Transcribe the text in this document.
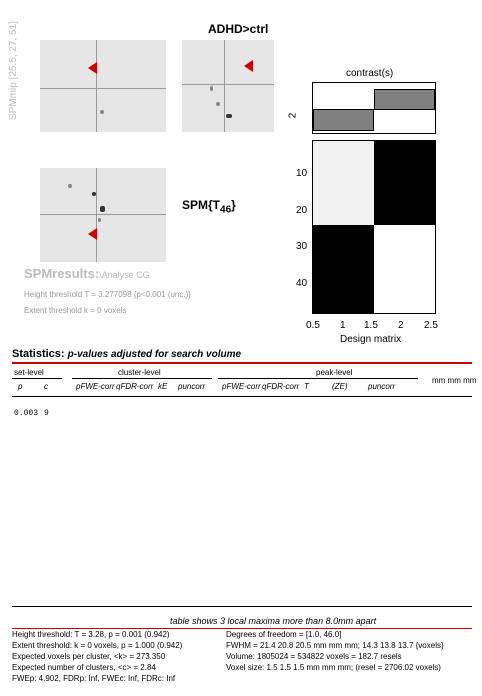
ADHD>ctrl
SPMmip [25.5, 27, 51]
$SPM\{T_{46}\}$
SPMresults:\Analyse CG
Height threshold T = 3.277098 {p<0.001 (unc.)}
Extent threshold k = 0 voxels
contrast(s)
2
10
20
30
40
0.5 1 1.5 2 2.5
Design matrix
Statistics: p-values adjusted for search volume
set-level	cluster-level	peak-level
mm mm mm
p	c	pFWE-corr qFDR-corr kE puncorr pFWE-corr qFDR-corr T	(ZE)	puncorr

0.003 9

table shows 3 local maxima more than 8.0mm apart
Height threshold: T = 3.28, p = 0.001 (0.942)
Extent threshold: k = 0 voxels, p = 1.000 (0.942)
Expected voxels per cluster, <k> = 273.350
Expected number of clusters, <c> = 2.84
FWEp: 4.902, FDRp: Inf, FWEc: Inf, FDRc: Inf
Degrees of freedom = [1.0, 46.0]
FWHM = 21.4 20.8 20.5 mm mm mm; 14.3 13.8 13.7 {voxels}
Volume: 1805024 = 534822 voxels = 182.7 resels
Voxel size: 1.5 1.5 1.5 mm mm mm; (resel = 2706.02 voxels)
